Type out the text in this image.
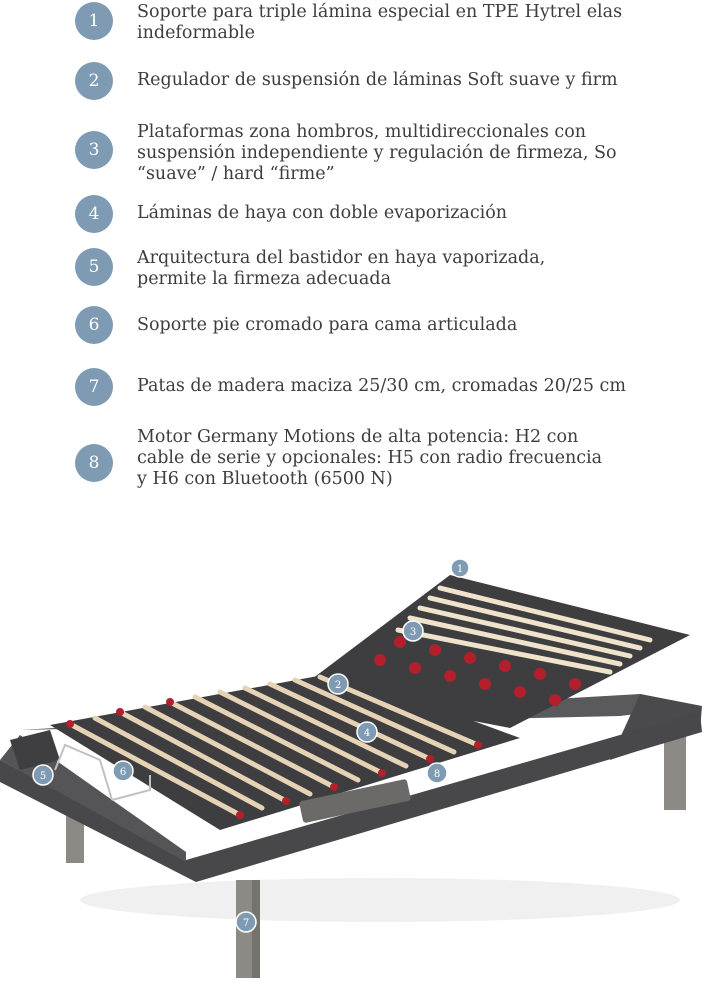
1	Soporte para triple lámina especial en TPE Hytrel elas
indeformable
2	Regulador de suspensión de láminas Soft suave y firm
3
Plataformas zona hombros, multidireccionales con
suspensión independiente y regulación de firmeza, So
“suave” / hard “firme”
4	Láminas de haya con doble evaporización
5	Arquitectura del bastidor en haya vaporizada,
permite la firmeza adecuada
6	Soporte pie cromado para cama articulada
7	Patas de madera maciza 25/30 cm, cromadas 20/25 cm
8
Motor Germany Motions de alta potencia: H2 con
cable de serie y opcionales: H5 con radio frecuencia
y H6 con Bluetooth (6500 N)
1
2
3
4
5	6
7
8
